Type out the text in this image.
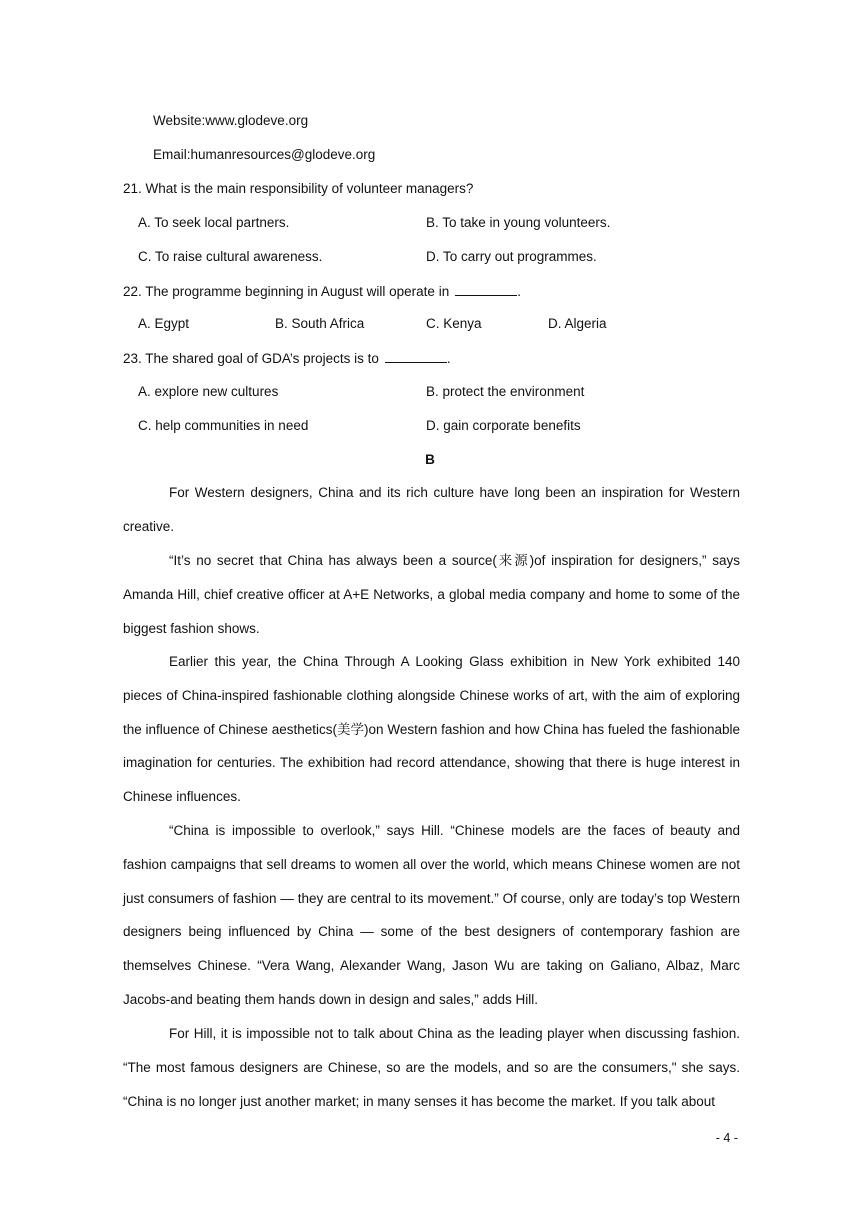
Website:www.glodeve.org
Email:humanresources@glodeve.org
21. What is the main responsibility of volunteer managers?
A. To seek local partners.	B. To take in young volunteers.
C. To raise cultural awareness.	D. To carry out programmes.
22. The programme beginning in August will operate in	.
A. Egypt	B. South Africa	C. Kenya	D. Algeria
23. The shared goal of GDA’s projects is to	.
A. explore new cultures	B. protect the environment
C. help communities in need	D. gain corporate benefits
B

For Western designers, China and its rich culture have long been an inspiration for Western creative.

“It’s no secret that China has always been a source(来源)of inspiration for designers,” says Amanda Hill, chief creative officer at A+E Networks, a global media company and home to some of the biggest fashion shows.

Earlier this year, the China Through A Looking Glass exhibition in New York exhibited 140 pieces of China-inspired fashionable clothing alongside Chinese works of art, with the aim of exploring the influence of Chinese aesthetics(美学)on Western fashion and how China has fueled the fashionable imagination for centuries. The exhibition had record attendance, showing that there is huge interest in Chinese influences.

“China is impossible to overlook,” says Hill. “Chinese models are the faces of beauty and fashion campaigns that sell dreams to women all over the world, which means Chinese women are not just consumers of fashion — they are central to its movement.” Of course, only are today’s top Western designers being influenced by China — some of the best designers of contemporary fashion are themselves Chinese. “Vera Wang, Alexander Wang, Jason Wu are taking on Galiano, Albaz, Marc Jacobs-and beating them hands down in design and sales,” adds Hill.

For Hill, it is impossible not to talk about China as the leading player when discussing fashion. “The most famous designers are Chinese, so are the models, and so are the consumers," she says. “China is no longer just another market; in many senses it has become the market. If you talk about

- 4 -
